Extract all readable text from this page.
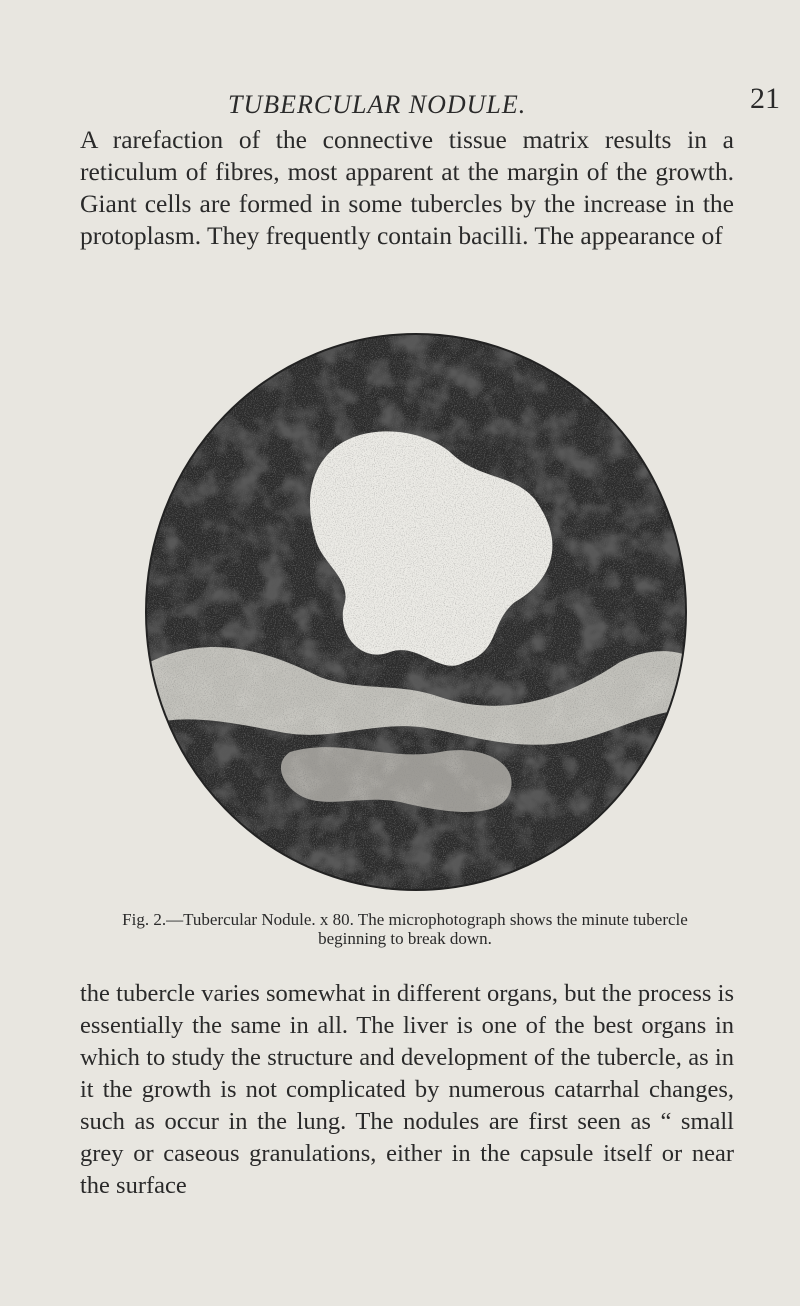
TUBERCULAR NODULE.	21

A rarefaction of the connective tissue matrix results in a reticulum of fibres, most apparent at the margin of the growth. Giant cells are formed in some tubercles by the increase in the protoplasm. They frequently contain bacilli. The appearance of

Fig. 2.—Tubercular Nodule. x 80. The microphotograph shows the minute tubercle beginning to break down.

the tubercle varies somewhat in different organs, but the process is essentially the same in all. The liver is one of the best organs in which to study the structure and development of the tubercle, as in it the growth is not complicated by numerous catarrhal changes, such as occur in the lung. The nodules are first seen as “ small grey or caseous granulations, either in the capsule itself or near the surface
